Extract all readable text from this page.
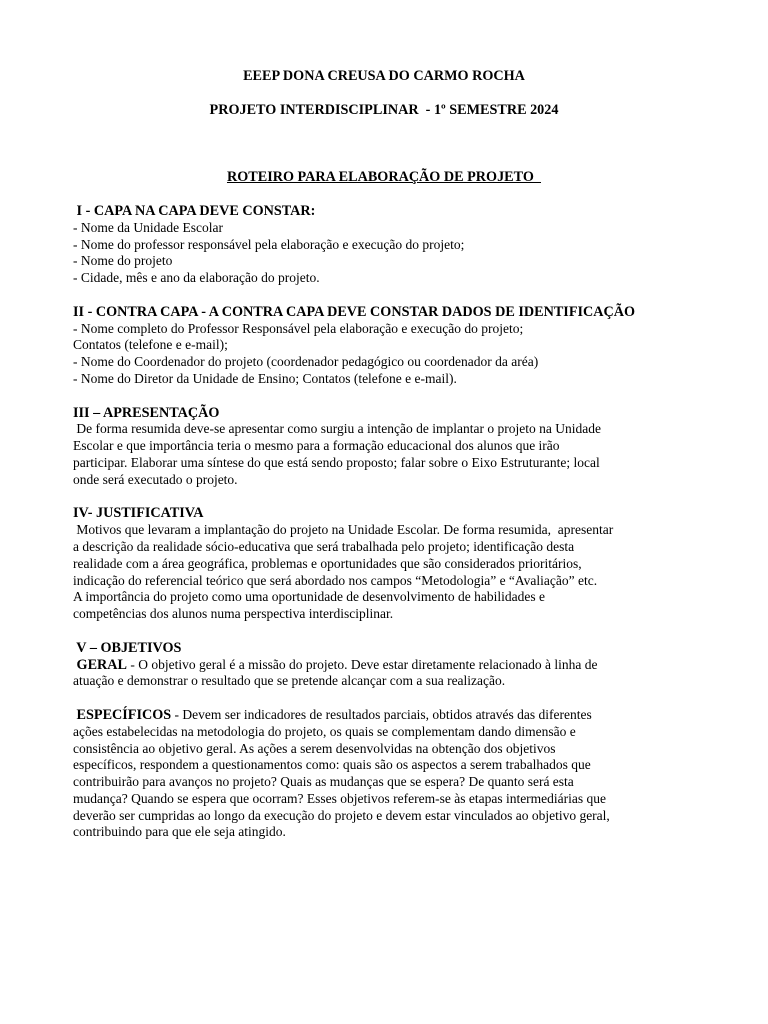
EEEP DONA CREUSA DO CARMO ROCHA
PROJETO INTERDISCIPLINAR  - 1º SEMESTRE 2024
ROTEIRO PARA ELABORAÇÃO DE PROJETO
I - CAPA NA CAPA DEVE CONSTAR:
- Nome da Unidade Escolar
- Nome do professor responsável pela elaboração e execução do projeto;
- Nome do projeto
- Cidade, mês e ano da elaboração do projeto.
II - CONTRA CAPA - A CONTRA CAPA DEVE CONSTAR DADOS DE IDENTIFICAÇÃO
- Nome completo do Professor Responsável pela elaboração e execução do projeto;
Contatos (telefone e e-mail);
- Nome do Coordenador do projeto (coordenador pedagógico ou coordenador da aréa)
- Nome do Diretor da Unidade de Ensino; Contatos (telefone e e-mail).
III – APRESENTAÇÃO
De forma resumida deve-se apresentar como surgiu a intenção de implantar o projeto na Unidade
Escolar e que importância teria o mesmo para a formação educacional dos alunos que irão
participar. Elaborar uma síntese do que está sendo proposto; falar sobre o Eixo Estruturante; local
onde será executado o projeto.
IV- JUSTIFICATIVA
Motivos que levaram a implantação do projeto na Unidade Escolar. De forma resumida,  apresentar
a descrição da realidade sócio-educativa que será trabalhada pelo projeto; identificação desta
realidade com a área geográfica, problemas e oportunidades que são considerados prioritários,
indicação do referencial teórico que será abordado nos campos “Metodologia” e “Avaliação” etc.
A importância do projeto como uma oportunidade de desenvolvimento de habilidades e
competências dos alunos numa perspectiva interdisciplinar.
V – OBJETIVOS
GERAL - O objetivo geral é a missão do projeto. Deve estar diretamente relacionado à linha de
atuação e demonstrar o resultado que se pretende alcançar com a sua realização.
ESPECÍFICOS - Devem ser indicadores de resultados parciais, obtidos através das diferentes
ações estabelecidas na metodologia do projeto, os quais se complementam dando dimensão e
consistência ao objetivo geral. As ações a serem desenvolvidas na obtenção dos objetivos
específicos, respondem a questionamentos como: quais são os aspectos a serem trabalhados que
contribuirão para avanços no projeto? Quais as mudanças que se espera? De quanto será esta
mudança? Quando se espera que ocorram? Esses objetivos referem-se às etapas intermediárias que
deverão ser cumpridas ao longo da execução do projeto e devem estar vinculados ao objetivo geral,
contribuindo para que ele seja atingido.
